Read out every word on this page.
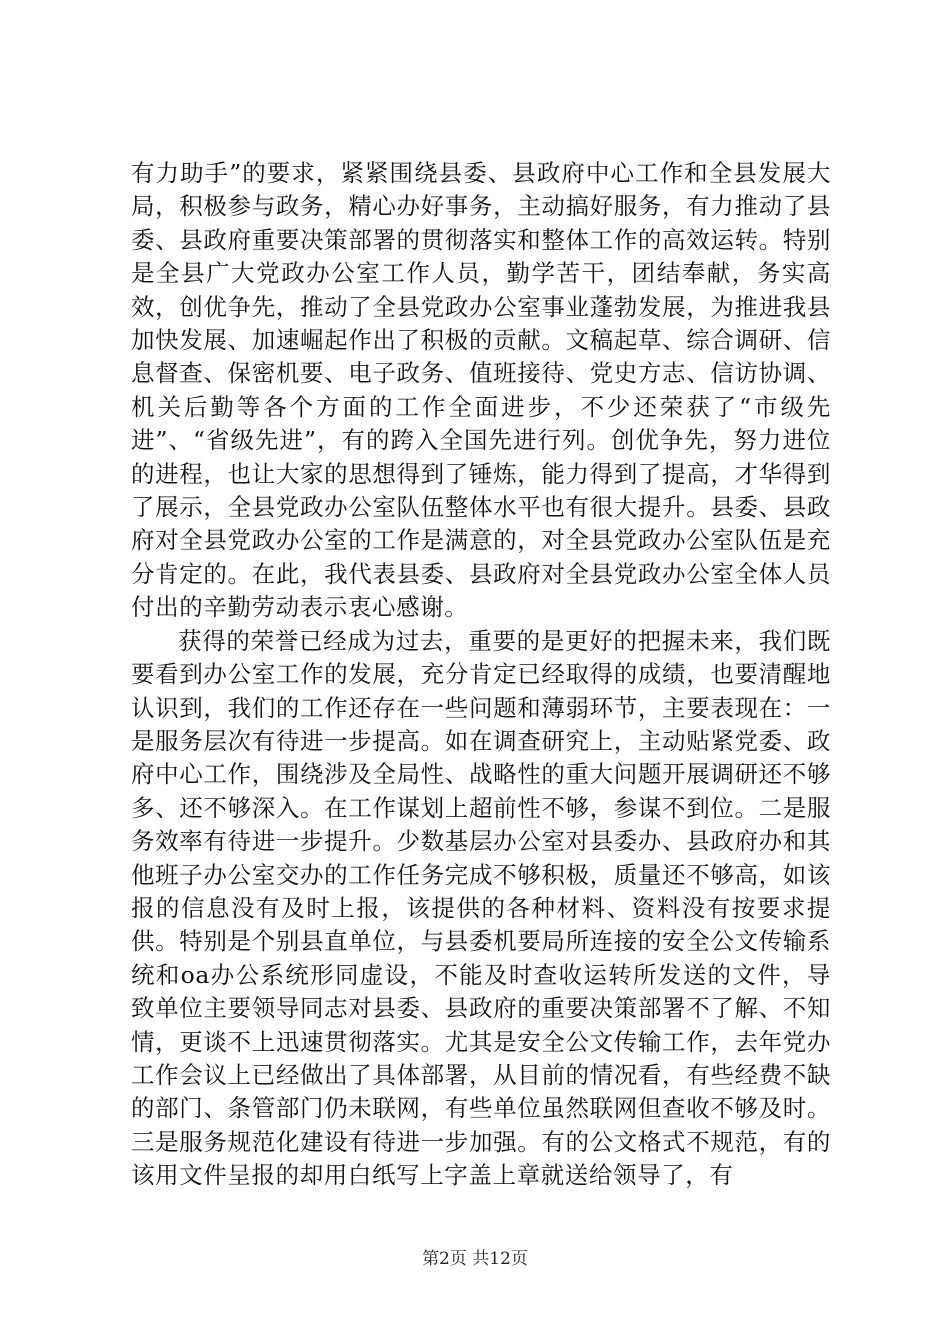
有力助手”的要求，紧紧围绕县委、县政府中心工作和全县发展大局，积极参与政务，精心办好事务，主动搞好服务，有力推动了县委、县政府重要决策部署的贯彻落实和整体工作的高效运转。特别是全县广大党政办公室工作人员，勤学苦干，团结奉献，务实高效，创优争先，推动了全县党政办公室事业蓬勃发展，为推进我县加快发展、加速崛起作出了积极的贡献。文稿起草、综合调研、信息督查、保密机要、电子政务、值班接待、党史方志、信访协调、机关后勤等各个方面的工作全面进步，不少还荣获了“市级先进”、“省级先进”，有的跨入全国先进行列。创优争先，努力进位的进程，也让大家的思想得到了锤炼，能力得到了提高，才华得到了展示，全县党政办公室队伍整体水平也有很大提升。县委、县政府对全县党政办公室的工作是满意的，对全县党政办公室队伍是充分肯定的。在此，我代表县委、县政府对全县党政办公室全体人员付出的辛勤劳动表示衷心感谢。

获得的荣誉已经成为过去，重要的是更好的把握未来，我们既要看到办公室工作的发展，充分肯定已经取得的成绩，也要清醒地认识到，我们的工作还存在一些问题和薄弱环节，主要表现在：一是服务层次有待进一步提高。如在调查研究上，主动贴紧党委、政府中心工作，围绕涉及全局性、战略性的重大问题开展调研还不够多、还不够深入。在工作谋划上超前性不够，参谋不到位。二是服务效率有待进一步提升。少数基层办公室对县委办、县政府办和其他班子办公室交办的工作任务完成不够积极，质量还不够高，如该报的信息没有及时上报，该提供的各种材料、资料没有按要求提供。特别是个别县直单位，与县委机要局所连接的安全公文传输系统和oa办公系统形同虚设，不能及时查收运转所发送的文件，导致单位主要领导同志对县委、县政府的重要决策部署不了解、不知情，更谈不上迅速贯彻落实。尤其是安全公文传输工作，去年党办工作会议上已经做出了具体部署，从目前的情况看，有些经费不缺的部门、条管部门仍未联网，有些单位虽然联网但查收不够及时。三是服务规范化建设有待进一步加强。有的公文格式不规范，有的该用文件呈报的却用白纸写上字盖上章就送给领导了，有

第2页 共12页
